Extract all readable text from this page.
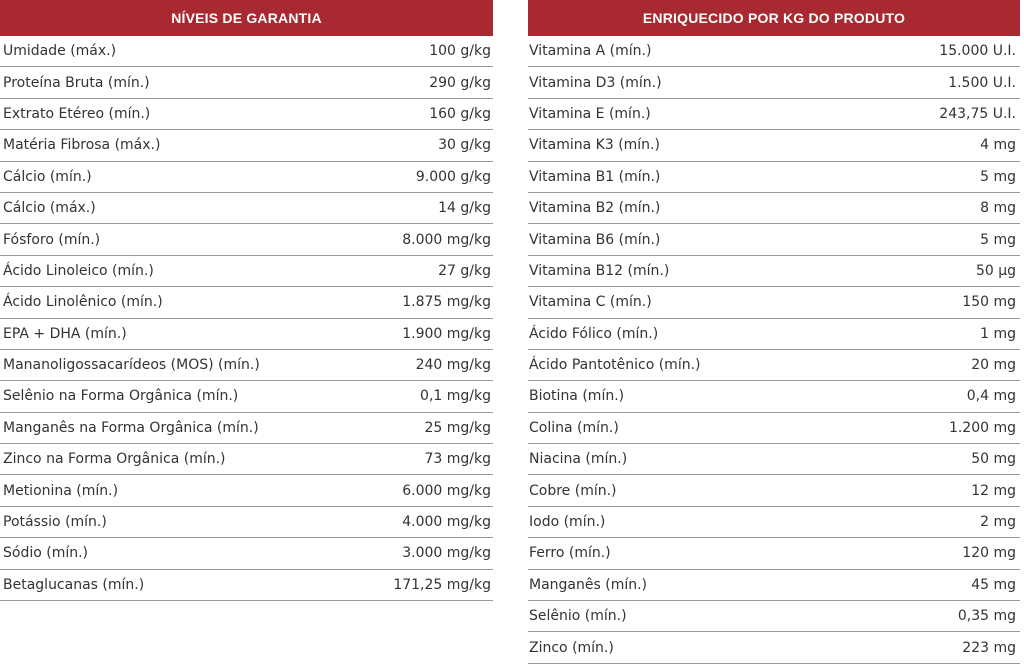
NÍVEIS DE GARANTIA
Umidade (máx.)	100 g/kg
Proteína Bruta (mín.)	290 g/kg
Extrato Etéreo (mín.)	160 g/kg
Matéria Fibrosa (máx.)	30 g/kg
Cálcio (mín.)	9.000 g/kg
Cálcio (máx.)	14 g/kg
Fósforo (mín.)	8.000 mg/kg
Ácido Linoleico (mín.)	27 g/kg
Ácido Linolênico (mín.)	1.875 mg/kg
EPA + DHA (mín.)	1.900 mg/kg
Mananoligossacarídeos (MOS) (mín.)	240 mg/kg
Selênio na Forma Orgânica (mín.)	0,1 mg/kg
Manganês na Forma Orgânica (mín.)	25 mg/kg
Zinco na Forma Orgânica (mín.)	73 mg/kg
Metionina (mín.)	6.000 mg/kg
Potássio (mín.)	4.000 mg/kg
Sódio (mín.)	3.000 mg/kg
Betaglucanas (mín.)	171,25 mg/kg
ENRIQUECIDO POR KG DO PRODUTO
Vitamina A (mín.)	15.000 U.I.
Vitamina D3 (mín.)	1.500 U.I.
Vitamina E (mín.)	243,75 U.I.
Vitamina K3 (mín.)	4 mg
Vitamina B1 (mín.)	5 mg
Vitamina B2 (mín.)	8 mg
Vitamina B6 (mín.)	5 mg
Vitamina B12 (mín.)	50 µg
Vitamina C (mín.)	150 mg
Ácido Fólico (mín.)	1 mg
Ácido Pantotênico (mín.)	20 mg
Biotina (mín.)	0,4 mg
Colina (mín.)	1.200 mg
Niacina (mín.)	50 mg
Cobre (mín.)	12 mg
Iodo (mín.)	2 mg
Ferro (mín.)	120 mg
Manganês (mín.)	45 mg
Selênio (mín.)	0,35 mg
Zinco (mín.)	223 mg
